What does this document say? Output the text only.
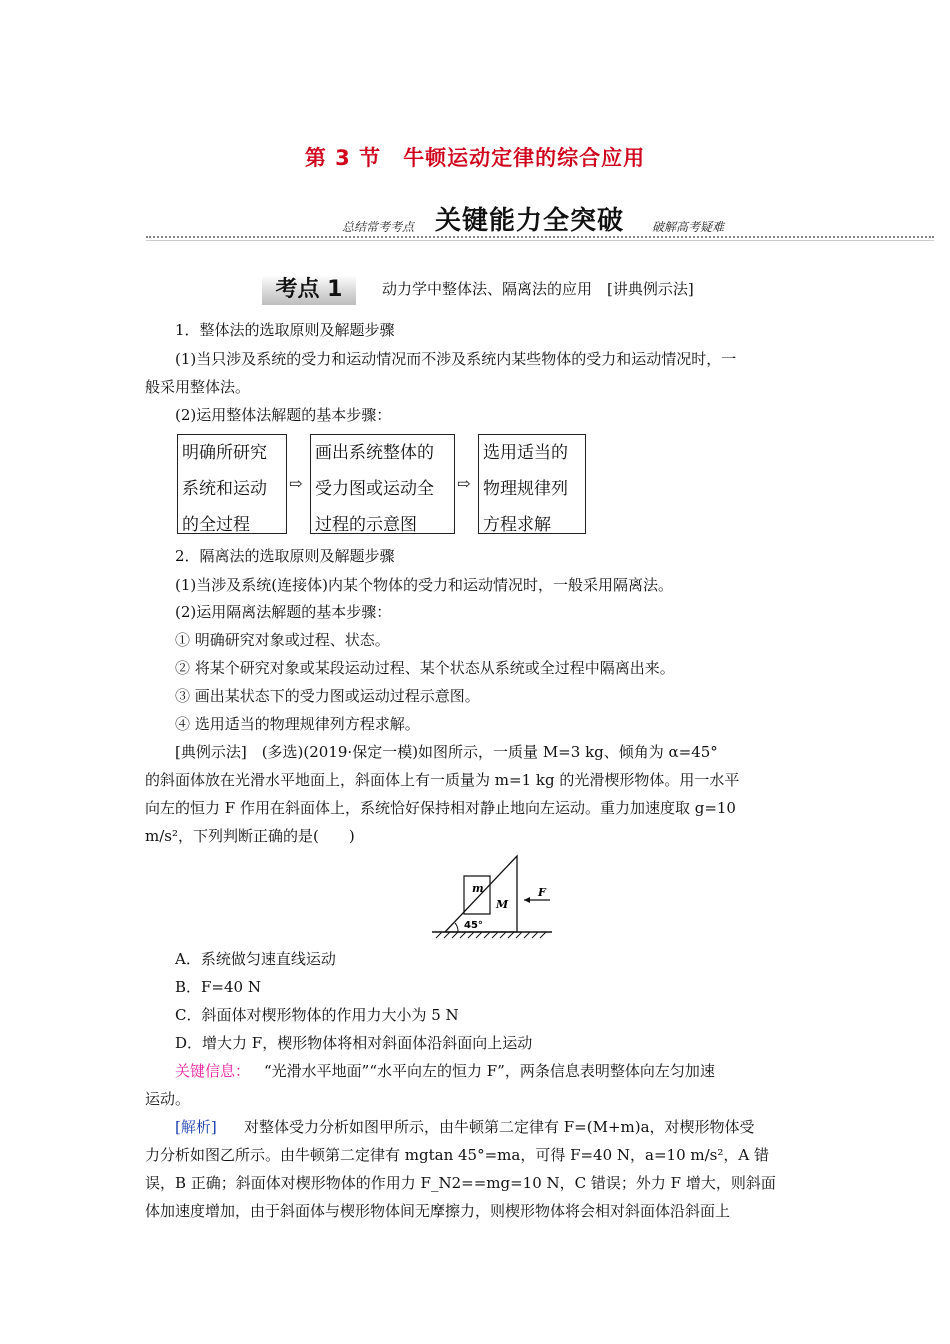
第 3 节　牛顿运动定律的综合应用
总结常考考点 关键能力全突破 破解高考疑难
考点 1	动力学中整体法、隔离法的应用　[讲典例示法]
1．整体法的选取原则及解题步骤
(1)当只涉及系统的受力和运动情况而不涉及系统内某些物体的受力和运动情况时，一
般采用整体法。
(2)运用整体法解题的基本步骤：
明确所研究
系统和运动
的全过程
⇨
画出系统整体的
受力图或运动全
过程的示意图
⇨
选用适当的
物理规律列
方程求解
2．隔离法的选取原则及解题步骤
(1)当涉及系统(连接体)内某个物体的受力和运动情况时，一般采用隔离法。
(2)运用隔离法解题的基本步骤：
① 明确研究对象或过程、状态。
② 将某个研究对象或某段运动过程、某个状态从系统或全过程中隔离出来。
③ 画出某状态下的受力图或运动过程示意图。
④ 选用适当的物理规律列方程求解。
[典例示法]　(多选)(2019·保定一模)如图所示，一质量 M=3 kg、倾角为 α=45°
的斜面体放在光滑水平地面上，斜面体上有一质量为 m=1 kg 的光滑楔形物体。用一水平
向左的恒力 F 作用在斜面体上，系统恰好保持相对静止地向左运动。重力加速度取 g=10
m/s²，下列判断正确的是(　　)
m
M
F
45°
A．系统做匀速直线运动
B．F=40 N
C．斜面体对楔形物体的作用力大小为 5 N
D．增大力 F，楔形物体将相对斜面体沿斜面向上运动
关键信息： “光滑水平地面”“水平向左的恒力 F”，两条信息表明整体向左匀加速
运动。
[解析] 对整体受力分析如图甲所示，由牛顿第二定律有 F=(M+m)a，对楔形物体受
力分析如图乙所示。由牛顿第二定律有 mgtan 45°=ma，可得 F=40 N，a=10 m/s²，A 错
误，B 正确；斜面体对楔形物体的作用力 F_N2==mg=10 N，C 错误；外力 F 增大，则斜面
体加速度增加，由于斜面体与楔形物体间无摩擦力，则楔形物体将会相对斜面体沿斜面上
